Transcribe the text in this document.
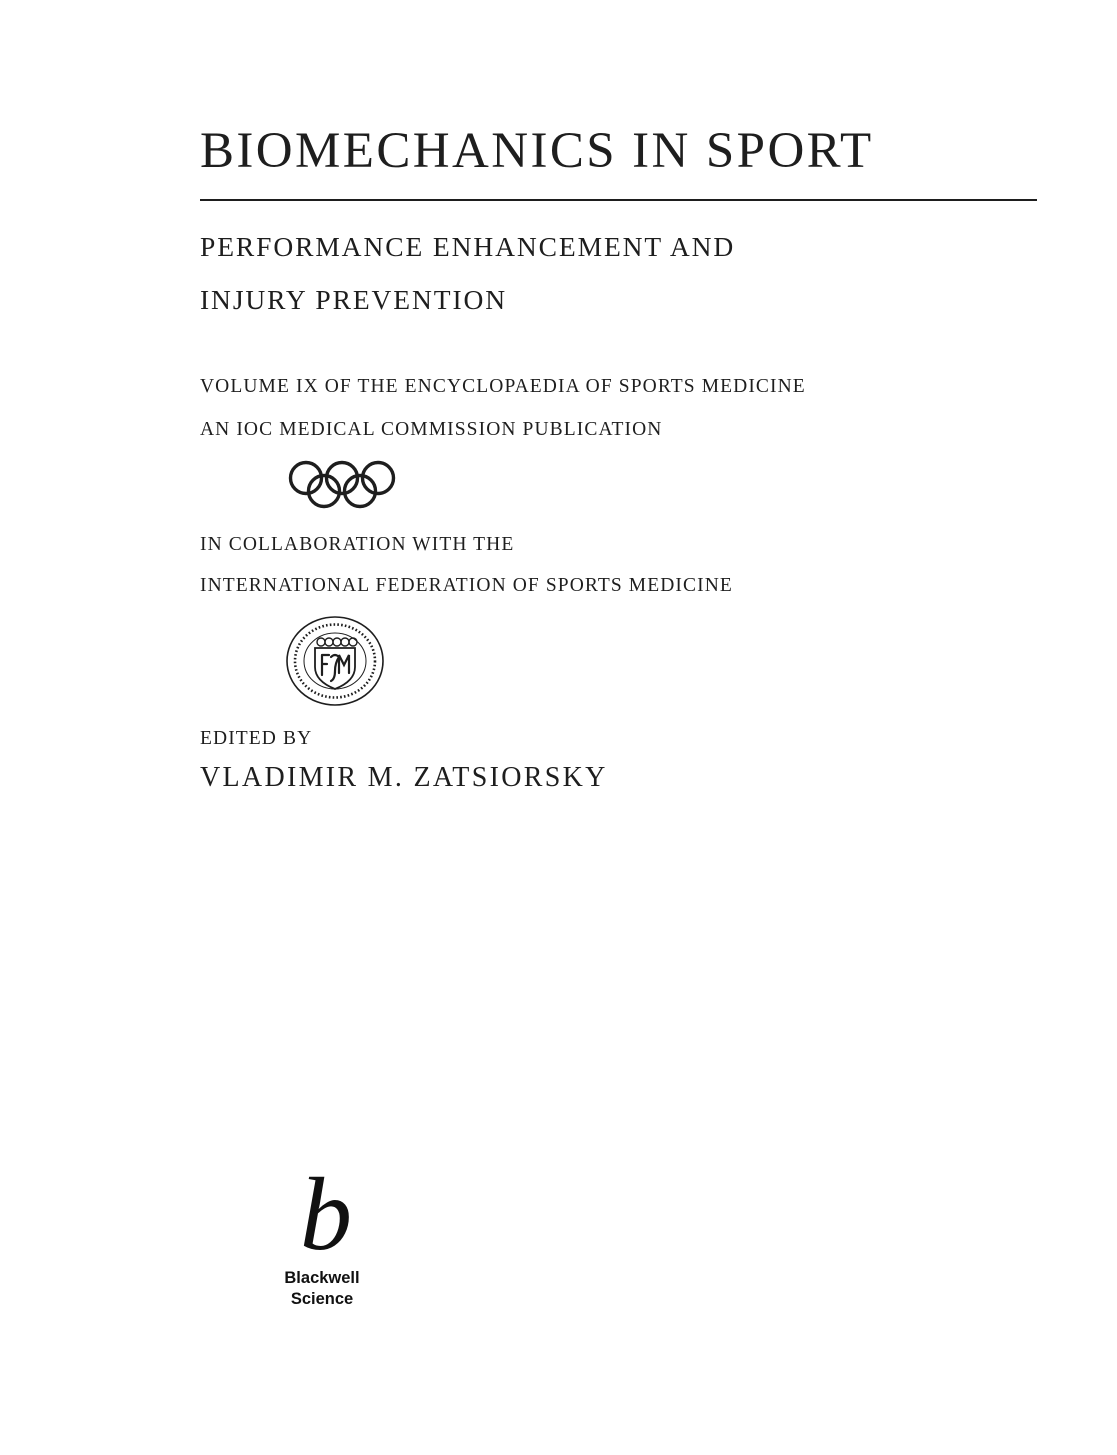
BIOMECHANICS IN SPORT
PERFORMANCE ENHANCEMENT AND
INJURY PREVENTION
VOLUME IX OF THE ENCYCLOPAEDIA OF SPORTS MEDICINE
AN IOC MEDICAL COMMISSION PUBLICATION
IN COLLABORATION WITH THE
INTERNATIONAL FEDERATION OF SPORTS MEDICINE
EDITED BY
VLADIMIR M. ZATSIORSKY
b
Blackwell
Science
